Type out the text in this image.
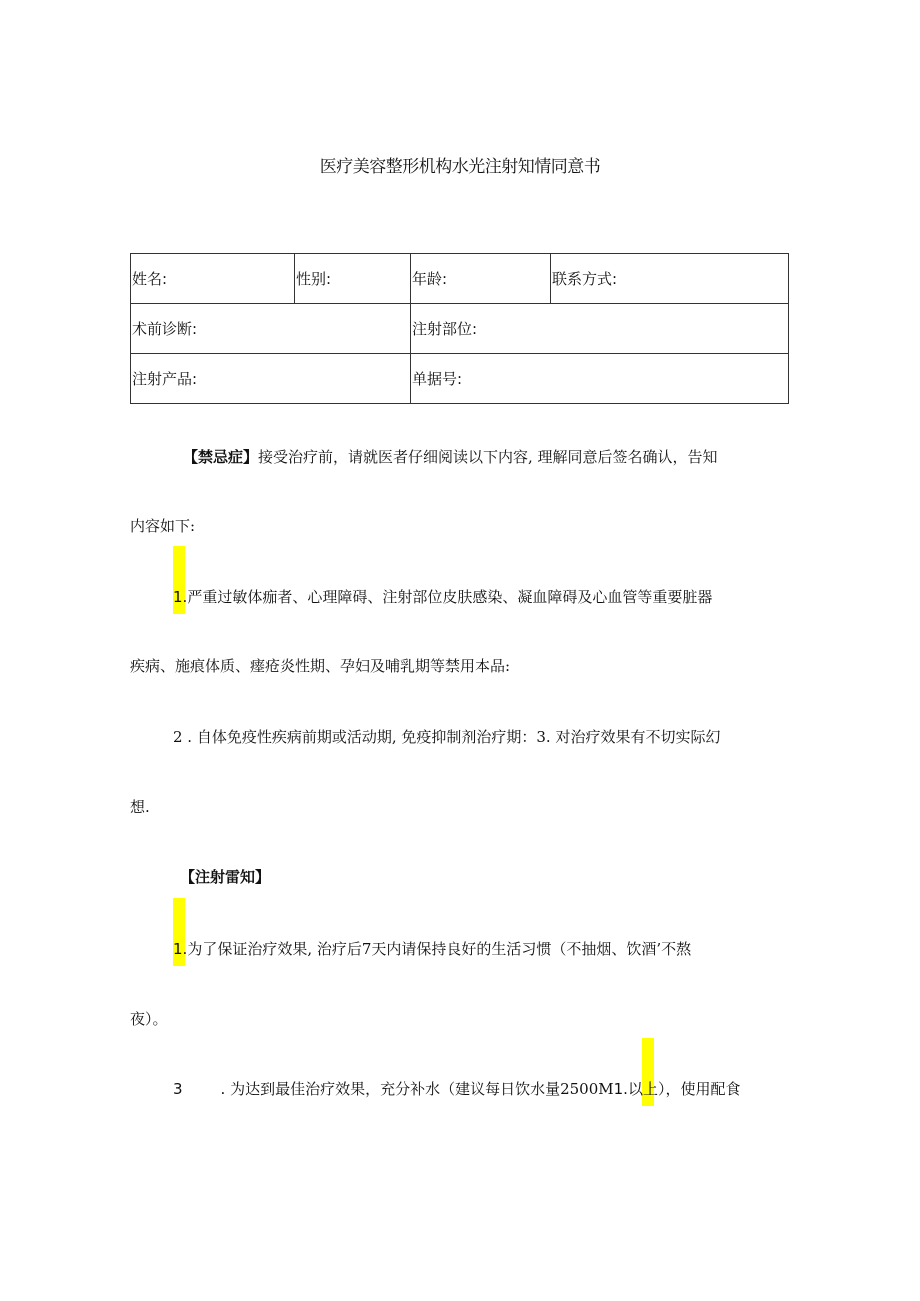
医疗美容整形机构水光注射知情同意书
姓名:	性别:	年龄:	联系方式:
术前诊断:		注射部位:	
注射产品:		单据号:	
【禁忌症】接受治疗前，请就医者仔细阅读以下内容, 理解同意后签名确认，告知
内容如下:
1.严重过敏体痂者、心理障碍、注射部位皮肤感染、凝血障碍及心血管等重要脏器
疾病、施痕体质、瘗疮炎性期、孕妇及哺乳期等禁用本品:
2 . 自体免疫性疾病前期或活动期, 免疫抑制剂治疗期：3. 对治疗效果有不切实际幻
想.
【注射雷知】
1.为了保证治疗效果, 治疗后7天内请保持良好的生活习惯（不抽烟、饮酒’不熬
夜）。
3	. 为达到最佳治疗效果，充分补水（建议每日饮水量2500M1.以上），使用配食
